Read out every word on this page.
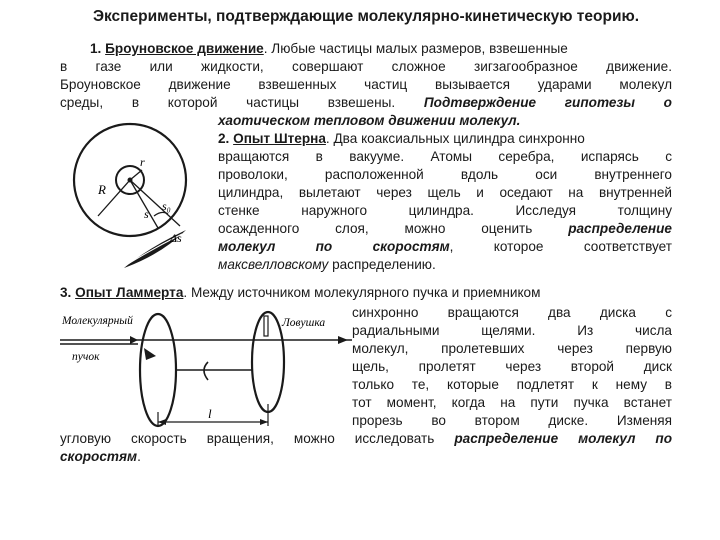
Эксперименты, подтверждающие молекулярно-кинетическую теорию.
1. Броуновское движение. Любые частицы малых размеров, взвешенные
в газе или жидкости, совершают сложное зигзагообразное движение.
Броуновское движение взвешенных частиц вызывается ударами молекул
среды, в которой частицы взвешены. Подтверждение гипотезы о
хаотическом тепловом движении молекул.
2. Опыт Штерна. Два коаксиальных цилиндра синхронно
вращаются в вакууме. Атомы серебра, испарясь с
проволоки, расположенной вдоль оси внутреннего
цилиндра, вылетают через щель и оседают на внутренней
стенке наружного цилиндра. Исследуя толщину
осажденного слоя, можно оценить	распределение
молекул по скоростям, которое соответствует
максвелловскому распределению.
3. Опыт Ламмерта. Между источником молекулярного пучка и приемником
синхронно вращаются два диска с
радиальными щелями. Из числа
молекул, пролетевших через первую
щель, пролетят через второй диск
только те, которые подлетят к нему в
тот момент, когда на пути пучка встанет
прорезь во втором диске. Изменяя
угловую скорость вращения, можно исследовать распределение молекул по
скоростям.
r
R
s
s₀
Δs
Молекулярный
пучок
Ловушка
l
